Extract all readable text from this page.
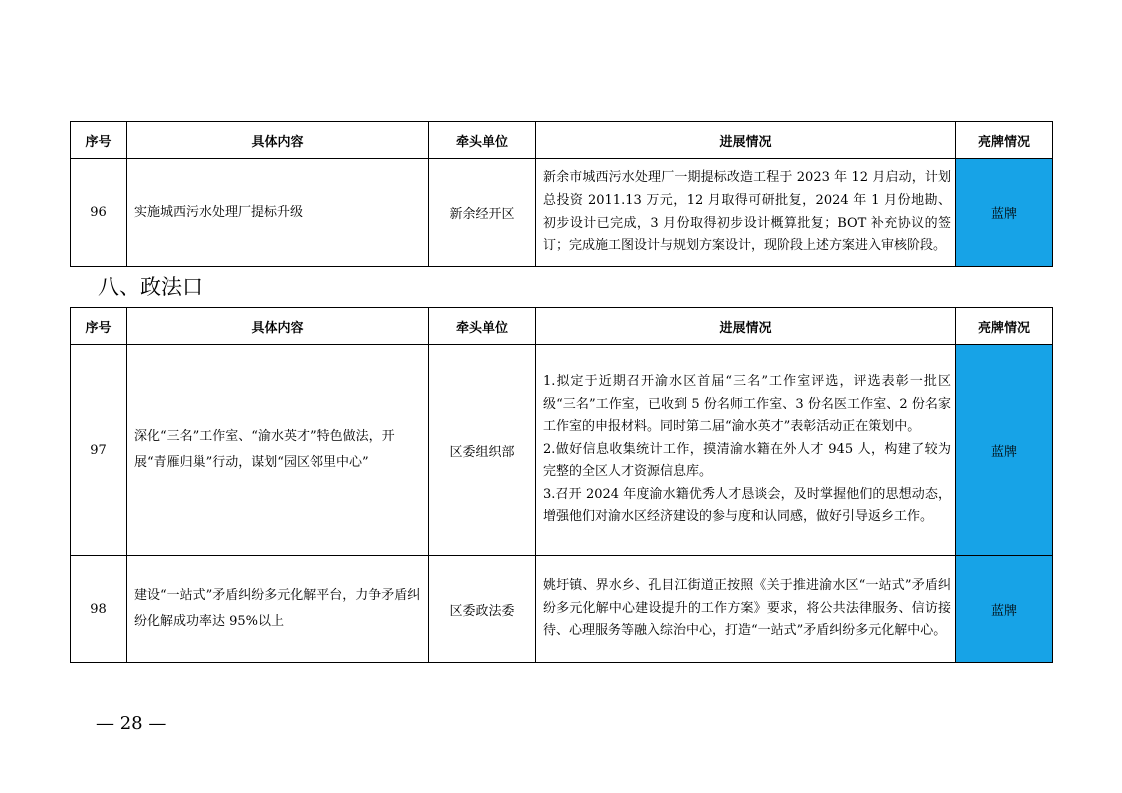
序号	具体内容	牵头单位	进展情况	亮牌情况
96	实施城西污水处理厂提标升级	新余经开区	新余市城西污水处理厂一期提标改造工程于 2023 年 12 月启动，计划总投资 2011.13 万元，12 月取得可研批复，2024 年 1 月份地勘、初步设计已完成，3 月份取得初步设计概算批复；BOT 补充协议的签订；完成施工图设计与规划方案设计，现阶段上述方案进入审核阶段。	蓝牌
八、政法口
序号	具体内容	牵头单位	进展情况	亮牌情况
97	深化“三名”工作室、“渝水英才”特色做法，开展“青雁归巢”行动，谋划“园区邻里中心”	区委组织部	1.拟定于近期召开渝水区首届“三名”工作室评选，评选表彰一批区级“三名”工作室，已收到 5 份名师工作室、3 份名医工作室、2 份名家工作室的申报材料。同时第二届“渝水英才”表彰活动正在策划中。
2.做好信息收集统计工作，摸清渝水籍在外人才 945 人，构建了较为完整的全区人才资源信息库。
3.召开 2024 年度渝水籍优秀人才恳谈会，及时掌握他们的思想动态，增强他们对渝水区经济建设的参与度和认同感，做好引导返乡工作。	蓝牌
98	建设“一站式”矛盾纠纷多元化解平台，力争矛盾纠纷化解成功率达 95%以上	区委政法委	姚圩镇、界水乡、孔目江街道正按照《关于推进渝水区“一站式”矛盾纠纷多元化解中心建设提升的工作方案》要求，将公共法律服务、信访接待、心理服务等融入综治中心，打造“一站式”矛盾纠纷多元化解中心。	蓝牌
— 28 —
